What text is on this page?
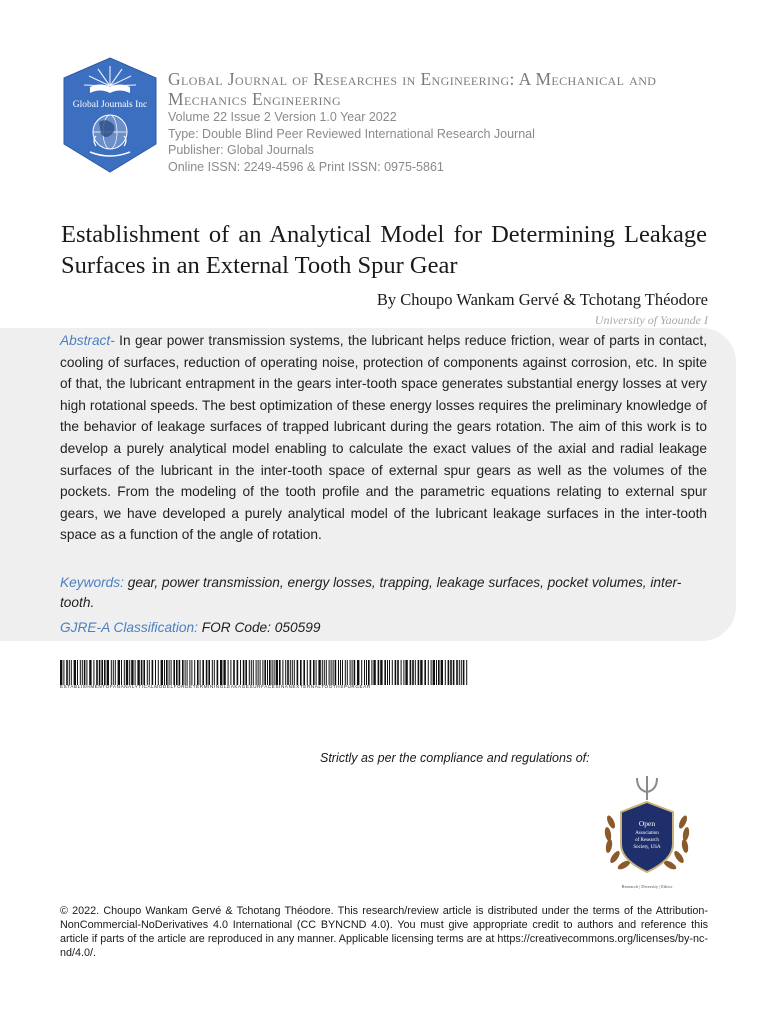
Global Journals Inc
Global Journal of Researches in Engineering: A Mechanical and Mechanics Engineering
Volume 22 Issue 2 Version 1.0 Year 2022
Type: Double Blind Peer Reviewed International Research Journal
Publisher: Global Journals
Online ISSN: 2249-4596 & Print ISSN: 0975-5861
Establishment of an Analytical Model for Determining Leakage Surfaces in an External Tooth Spur Gear
By Choupo Wankam Gervé & Tchotang Théodore
University of Yaounde I
Abstract- In gear power transmission systems, the lubricant helps reduce friction, wear of parts in contact, cooling of surfaces, reduction of operating noise, protection of components against corrosion, etc. In spite of that, the lubricant entrapment in the gears inter-tooth space generates substantial energy losses at very high rotational speeds. The best optimization of these energy losses requires the preliminary knowledge of the behavior of leakage surfaces of trapped lubricant during the gears rotation. The aim of this work is to develop a purely analytical model enabling to calculate the exact values of the axial and radial leakage surfaces of the lubricant in the inter-tooth space of external spur gears as well as the volumes of the pockets. From the modeling of the tooth profile and the parametric equations relating to external spur gears, we have developed a purely analytical model of the lubricant leakage surfaces in the inter-tooth space as a function of the angle of rotation.
Keywords: gear, power transmission, energy losses, trapping, leakage surfaces, pocket volumes, inter-tooth.
GJRE-A Classification: FOR Code: 050599
ESTABLISHMENTOFANANALYTICALMODELFORDETERMININGLEAKAGESURFACESINANEXTERNALTOOTHSPURGEAR
Strictly as per the compliance and regulations of:
Open
Association
of Research
Society, USA
Research | Diversity | Ethics
© 2022. Choupo Wankam Gervé & Tchotang Théodore. This research/review article is distributed under the terms of the Attribution-NonCommercial-NoDerivatives 4.0 International (CC BYNCND 4.0). You must give appropriate credit to authors and reference this article if parts of the article are reproduced in any manner. Applicable licensing terms are at https://creativecommons.org/licenses/by-nc-nd/4.0/.
